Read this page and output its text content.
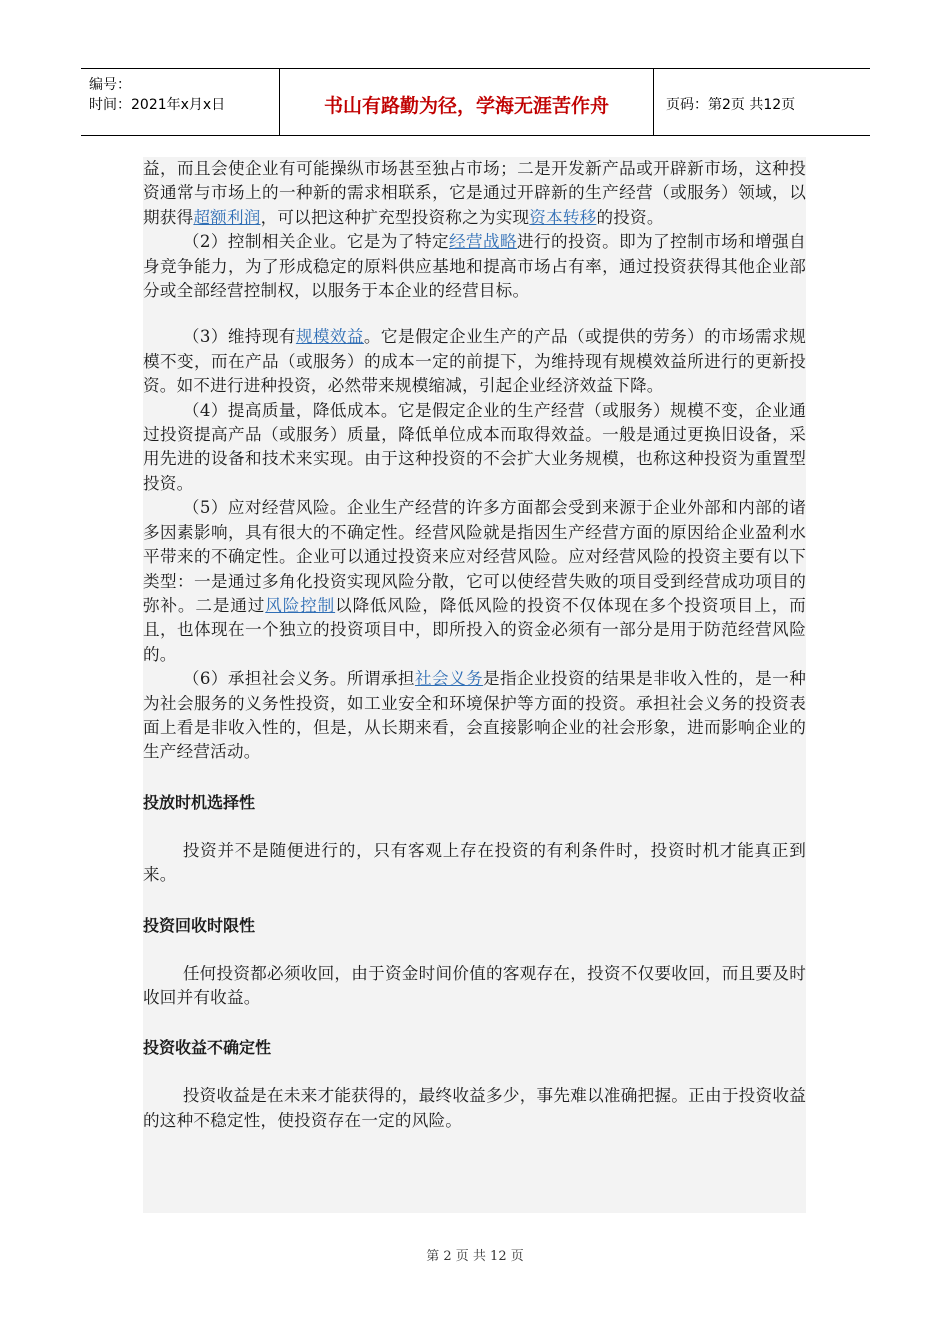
编号：
时间：2021年x月x日	书山有路勤为径，学海无涯苦作舟	页码：第2页 共12页

益，而且会使企业有可能操纵市场甚至独占市场；二是开发新产品或开辟新市场，这种投资通常与市场上的一种新的需求相联系，它是通过开辟新的生产经营（或服务）领域，以期获得超额利润，可以把这种扩充型投资称之为实现资本转移的投资。

（2）控制相关企业。它是为了特定经营战略进行的投资。即为了控制市场和增强自身竞争能力，为了形成稳定的原料供应基地和提高市场占有率，通过投资获得其他企业部分或全部经营控制权，以服务于本企业的经营目标。

（3）维持现有规模效益。它是假定企业生产的产品（或提供的劳务）的市场需求规模不变，而在产品（或服务）的成本一定的前提下，为维持现有规模效益所进行的更新投资。如不进行进种投资，必然带来规模缩减，引起企业经济效益下降。

（4）提高质量，降低成本。它是假定企业的生产经营（或服务）规模不变，企业通过投资提高产品（或服务）质量，降低单位成本而取得效益。一般是通过更换旧设备，采用先进的设备和技术来实现。由于这种投资的不会扩大业务规模，也称这种投资为重置型投资。

（5）应对经营风险。企业生产经营的许多方面都会受到来源于企业外部和内部的诸多因素影响，具有很大的不确定性。经营风险就是指因生产经营方面的原因给企业盈利水平带来的不确定性。企业可以通过投资来应对经营风险。应对经营风险的投资主要有以下类型：一是通过多角化投资实现风险分散，它可以使经营失败的项目受到经营成功项目的弥补。二是通过风险控制以降低风险，降低风险的投资不仅体现在多个投资项目上，而且，也体现在一个独立的投资项目中，即所投入的资金必须有一部分是用于防范经营风险的。

（6）承担社会义务。所谓承担社会义务是指企业投资的结果是非收入性的，是一种为社会服务的义务性投资，如工业安全和环境保护等方面的投资。承担社会义务的投资表面上看是非收入性的，但是，从长期来看，会直接影响企业的社会形象，进而影响企业的生产经营活动。

投放时机选择性

投资并不是随便进行的，只有客观上存在投资的有利条件时，投资时机才能真正到来。

投资回收时限性

任何投资都必须收回，由于资金时间价值的客观存在，投资不仅要收回，而且要及时收回并有收益。

投资收益不确定性

投资收益是在未来才能获得的，最终收益多少，事先难以准确把握。正由于投资收益的这种不稳定性，使投资存在一定的风险。

第 2 页 共 12 页
